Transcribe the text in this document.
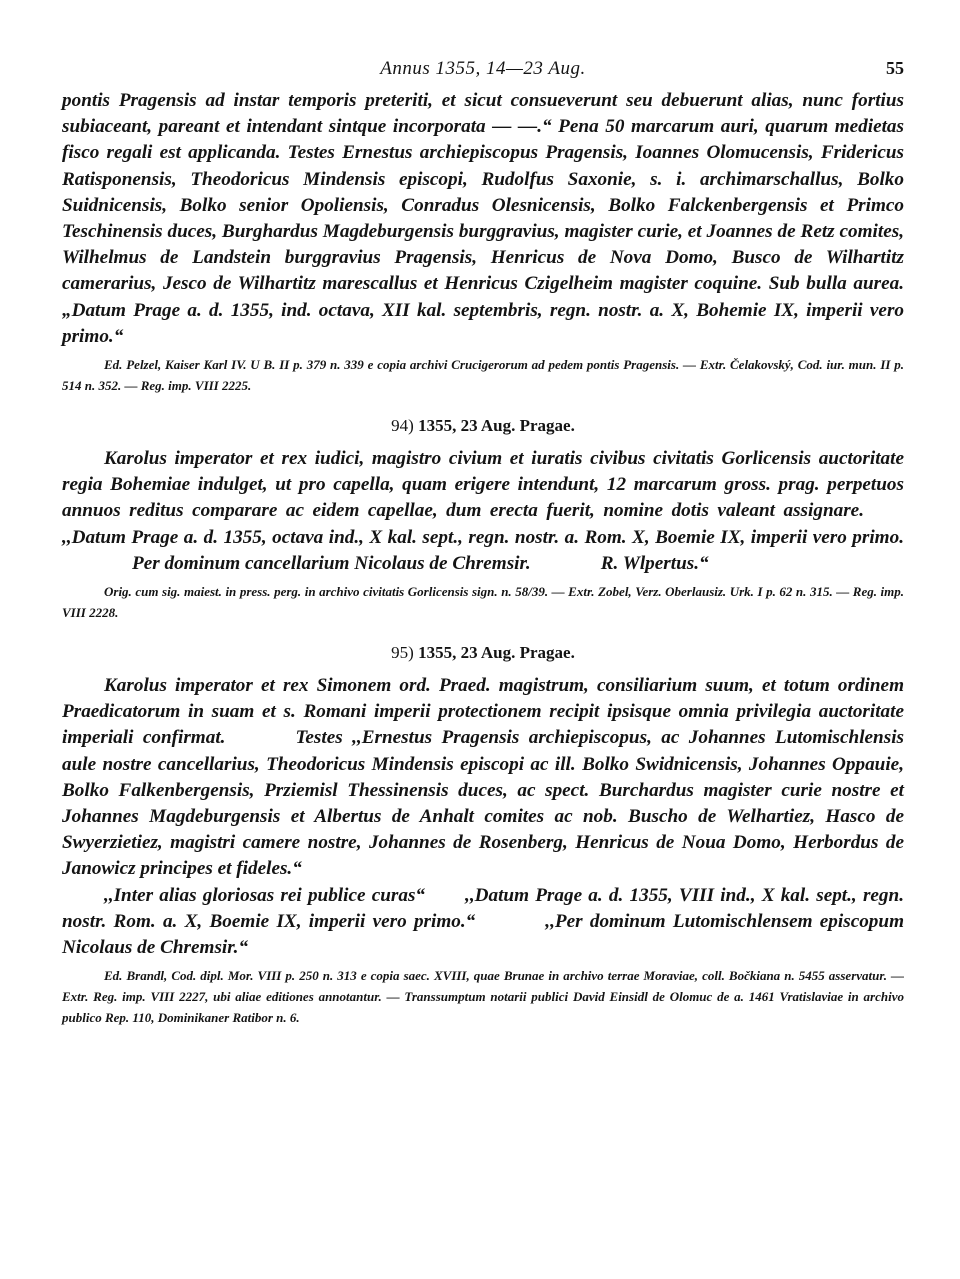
Annus 1355, 14—23 Aug.	55

pontis Pragensis ad instar temporis preteriti, et sicut consueverunt seu debuerunt alias, nunc fortius subiaceant, pareant et intendant sintque incorporata — —.“ Pena 50 marcarum auri, quarum medietas fisco regali est applicanda. Testes Ernestus archiepiscopus Pragensis, Ioannes Olomucensis, Fridericus Ratisponensis, Theodoricus Mindensis episcopi, Rudolfus Saxonie, s. i. archimarschallus, Bolko Suidnicensis, Bolko senior Opoliensis, Conradus Olesnicensis, Bolko Falckenbergensis et Primco Teschinensis duces, Burghardus Magdeburgensis burggravius, magister curie, et Joannes de Retz comites, Wilhelmus de Landstein burggravius Pragensis, Henricus de Nova Domo, Busco de Wilhartitz camerarius, Jesco de Wilhartitz marescallus et Henricus Czigelheim magister coquine. Sub bulla aurea. „Datum Prage a. d. 1355, ind. octava, XII kal. septembris, regn. nostr. a. X, Bohemie IX, imperii vero primo.“

Ed. Pelzel, Kaiser Karl IV. U B. II p. 379 n. 339 e copia archivi Crucigerorum ad pedem pontis Pragensis. — Extr. Čelakovský, Cod. iur. mun. II p. 514 n. 352. — Reg. imp. VIII 2225.

94) 1355, 23 Aug. Pragae.

Karolus imperator et rex iudici, magistro civium et iuratis civibus civitatis Gorlicensis auctoritate regia Bohemiae indulget, ut pro capella, quam erigere intendunt, 12 marcarum gross. prag. perpetuos annuos reditus comparare ac eidem capellae, dum erecta fuerit, nomine dotis valeant assignare.,,Datum Prage a. d. 1355, octava ind., X kal. sept., regn. nostr. a. Rom. X, Boemie IX, imperii vero primo.Per dominum cancellarium Nicolaus de Chremsir.	R. Wlpertus.“

Orig. cum sig. maiest. in press. perg. in archivo civitatis Gorlicensis sign. n. 58/39. — Extr. Zobel, Verz. Oberlausiz. Urk. I p. 62 n. 315. — Reg. imp. VIII 2228.

95) 1355, 23 Aug. Pragae.

Karolus imperator et rex Simonem ord. Praed. magistrum, consiliarium suum, et totum ordinem Praedicatorum in suam et s. Romani imperii protectionem recipit ipsisque omnia privilegia auctoritate imperiali confirmat.	Testes ,,Ernestus Pragensis archiepiscopus, ac Johannes Lutomischlensis aule nostre cancellarius, Theodoricus Mindensis episcopi ac ill. Bolko Swidnicensis, Johannes Oppauie, Bolko Falkenbergensis, Prziemisl Thessinensis duces, ac spect. Burchardus magister curie nostre et Johannes Magdeburgensis et Albertus de Anhalt comites ac nob. Buscho de Welhartiez, Hasco de Swyerzietiez, magistri camere nostre, Johannes de Rosenberg, Henricus de Noua Domo, Herbordus de Janowicz principes et fideles.“

,,Inter alias gloriosas rei publice curas“ ,,Datum Prage a. d. 1355, VIII ind., X kal. sept., regn. nostr. Rom. a. X, Boemie IX, imperii vero primo.“	,,Per dominum Lutomischlensem episcopum Nicolaus de Chremsir.“

Ed. Brandl, Cod. dipl. Mor. VIII p. 250 n. 313 e copia saec. XVIII, quae Brunae in archivo terrae Moraviae, coll. Bočkiana n. 5455 asservatur. — Extr. Reg. imp. VIII 2227, ubi aliae editiones annotantur. — Transsumptum notarii publici David Einsidl de Olomuc de a. 1461 Vratislaviae in archivo publico Rep. 110, Dominikaner Ratibor n. 6.
